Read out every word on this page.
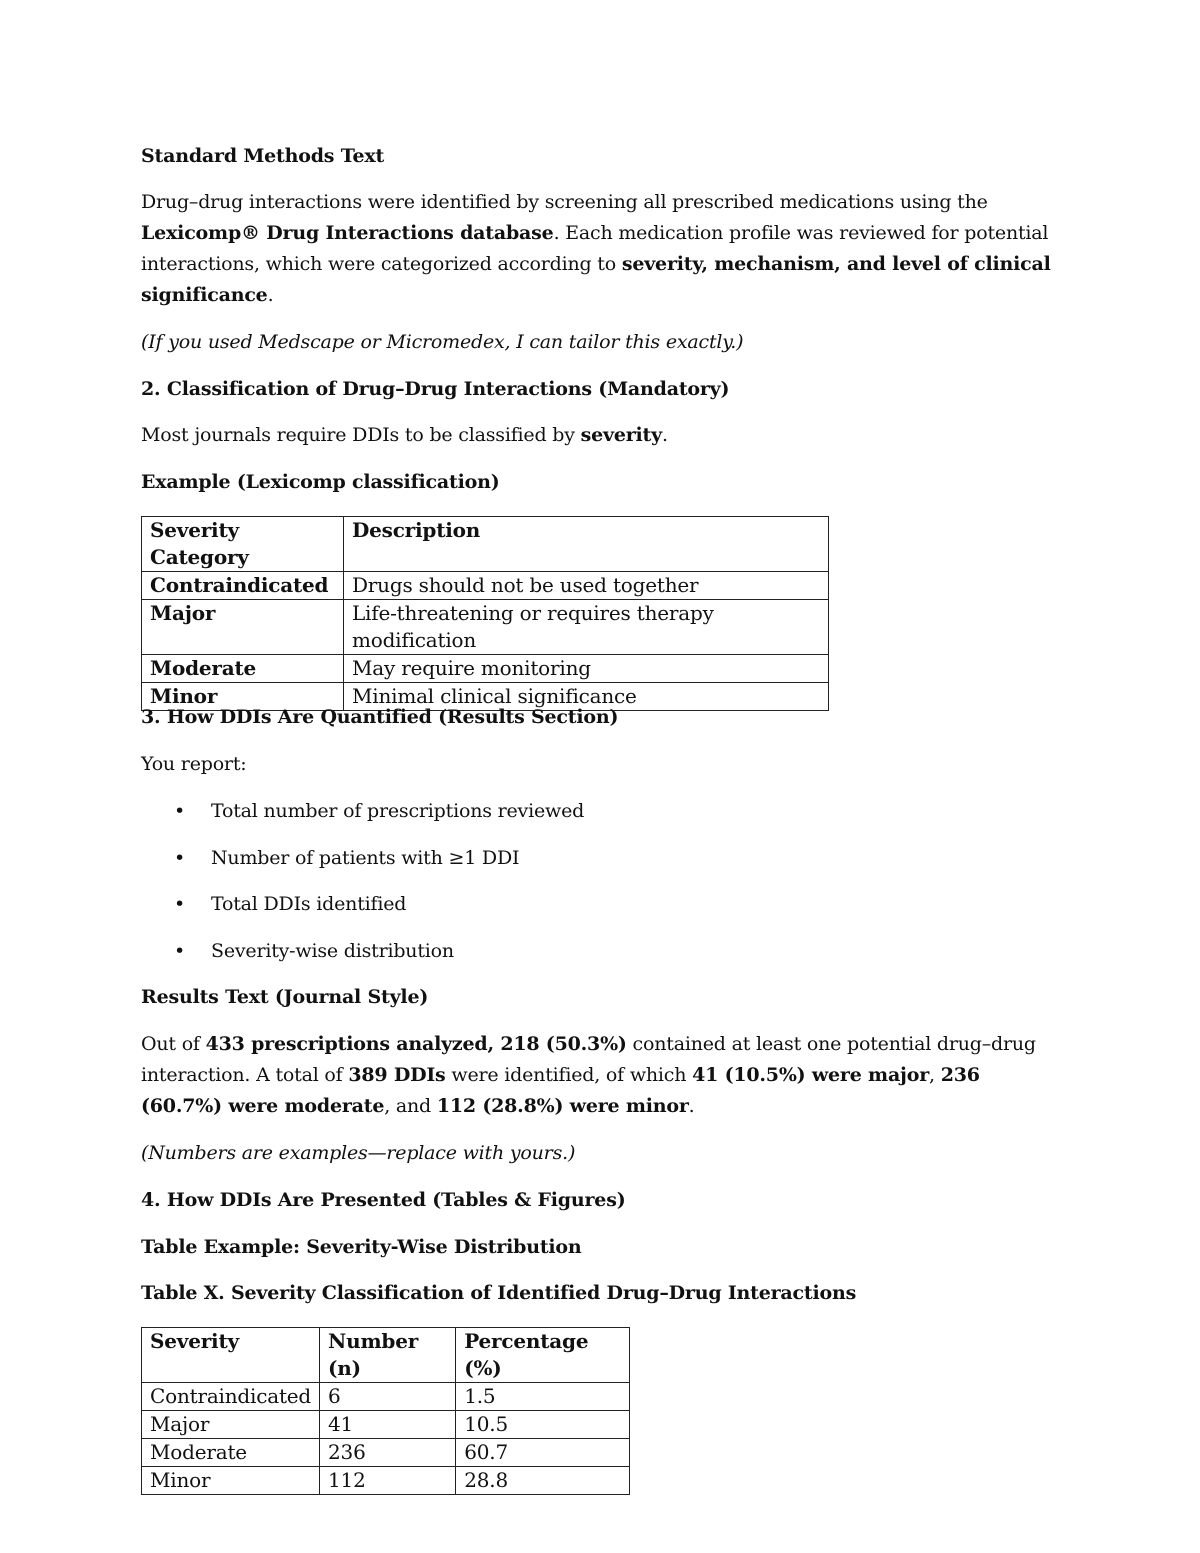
Standard Methods Text

Drug–drug interactions were identified by screening all prescribed medications using the Lexicomp® Drug Interactions database. Each medication profile was reviewed for potential interactions, which were categorized according to severity, mechanism, and level of clinical significance.

(If you used Medscape or Micromedex, I can tailor this exactly.)

2. Classification of Drug–Drug Interactions (Mandatory)

Most journals require DDIs to be classified by severity.

Example (Lexicomp classification)

Severity Category	Description
Contraindicated	Drugs should not be used together
Major	Life-threatening or requires therapy modification
Moderate	May require monitoring
Minor	Minimal clinical significance

3. How DDIs Are Quantified (Results Section)

You report:

•	Total number of prescriptions reviewed
•	Number of patients with ≥1 DDI
•	Total DDIs identified
•	Severity-wise distribution

Results Text (Journal Style)

Out of 433 prescriptions analyzed, 218 (50.3%) contained at least one potential drug–drug interaction. A total of 389 DDIs were identified, of which 41 (10.5%) were major, 236 (60.7%) were moderate, and 112 (28.8%) were minor.

(Numbers are examples—replace with yours.)

4. How DDIs Are Presented (Tables & Figures)

Table Example: Severity-Wise Distribution

Table X. Severity Classification of Identified Drug–Drug Interactions

Severity	Number (n)	Percentage (%)
Contraindicated	6	1.5
Major	41	10.5
Moderate	236	60.7
Minor	112	28.8
